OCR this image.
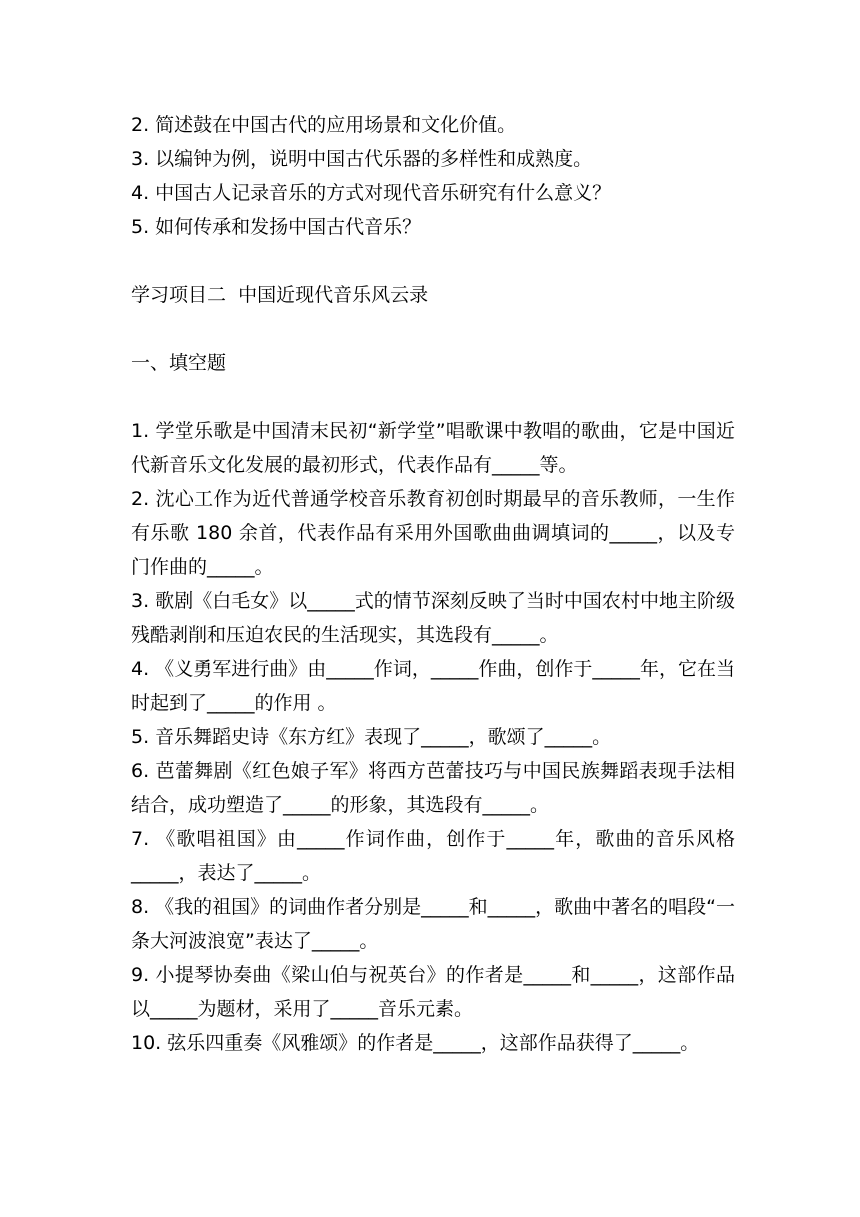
2. 简述鼓在中国古代的应用场景和文化价值。
3. 以编钟为例，说明中国古代乐器的多样性和成熟度。
4. 中国古人记录音乐的方式对现代音乐研究有什么意义？
5. 如何传承和发扬中国古代音乐？
学习项目二  中国近现代音乐风云录
一、填空题
1. 学堂乐歌是中国清末民初“新学堂”唱歌课中教唱的歌曲，它是中国近代新音乐文化发展的最初形式，代表作品有_____等。
2. 沈心工作为近代普通学校音乐教育初创时期最早的音乐教师，一生作有乐歌 180 余首，代表作品有采用外国歌曲曲调填词的_____，以及专门作曲的_____。
3. 歌剧《白毛女》以_____式的情节深刻反映了当时中国农村中地主阶级残酷剥削和压迫农民的生活现实，其选段有_____。
4. 《义勇军进行曲》由_____作词，_____作曲，创作于_____年，它在当时起到了_____的作用 。
5. 音乐舞蹈史诗《东方红》表现了_____，歌颂了_____。
6. 芭蕾舞剧《红色娘子军》将西方芭蕾技巧与中国民族舞蹈表现手法相结合，成功塑造了_____的形象，其选段有_____。
7. 《歌唱祖国》由_____作词作曲，创作于_____年，歌曲的音乐风格_____，表达了_____。
8. 《我的祖国》的词曲作者分别是_____和_____，歌曲中著名的唱段“一条大河波浪宽”表达了_____。
9. 小提琴协奏曲《梁山伯与祝英台》的作者是_____和_____，这部作品以_____为题材，采用了_____音乐元素。
10. 弦乐四重奏《风雅颂》的作者是_____，这部作品获得了_____。
